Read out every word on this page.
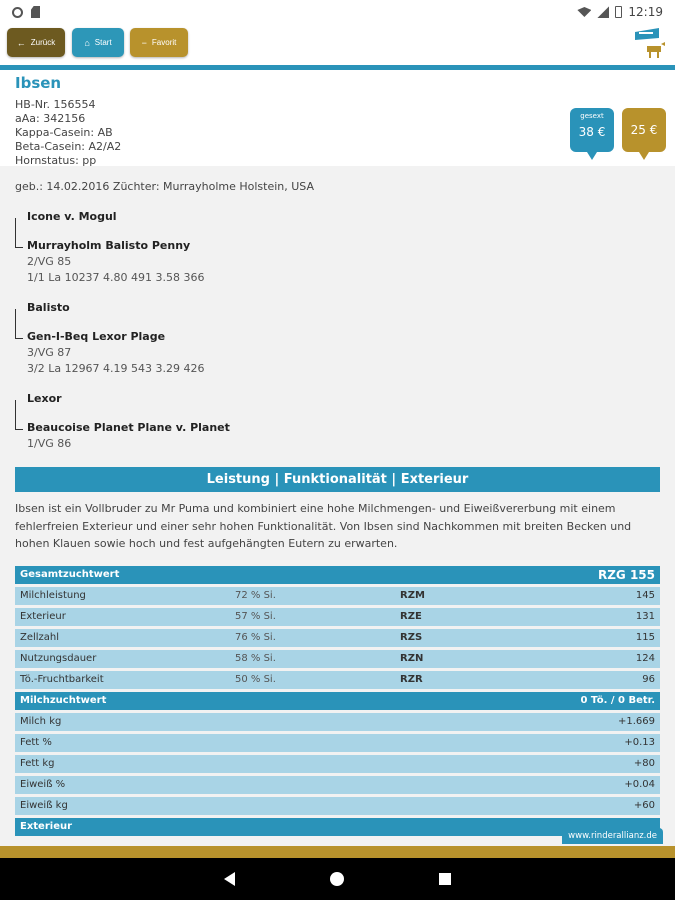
12:19
← Zurück	⌂ Start	− Favorit
Ibsen
HB-Nr. 156554
aAa: 342156
Kappa-Casein: AB
Beta-Casein: A2/A2
Hornstatus: pp
gesext
38 €	25 €
geb.: 14.02.2016 Züchter: Murrayholme Holstein, USA
Icone v. Mogul
Murrayholm Balisto Penny
2/VG 85
1/1 La 10237 4.80 491 3.58 366
Balisto
Gen-I-Beq Lexor Plage
3/VG 87
3/2 La 12967 4.19 543 3.29 426
Lexor
Beaucoise Planet Plane v. Planet
1/VG 86
Leistung | Funktionalität | Exterieur
Ibsen ist ein Vollbruder zu Mr Puma und kombiniert eine hohe Milchmengen- und Eiweißvererbung mit einem fehlerfreien Exterieur und einer sehr hohen Funktionalität. Von Ibsen sind Nachkommen mit breiten Becken und hohen Klauen sowie hoch und fest aufgehängten Eutern zu erwarten.
Gesamtzuchtwert	RZG 155
Milchleistung	72 % Si.	RZM	145
Exterieur	57 % Si.	RZE	131
Zellzahl	76 % Si.	RZS	115
Nutzungsdauer	58 % Si.	RZN	124
Tö.-Fruchtbarkeit	50 % Si.	RZR	96
Milchzuchtwert	0 Tö. / 0 Betr.
Milch kg	+1.669
Fett %	+0.13
Fett kg	+80
Eiweiß %	+0.04
Eiweiß kg	+60
Exterieur
www.rinderallianz.de
